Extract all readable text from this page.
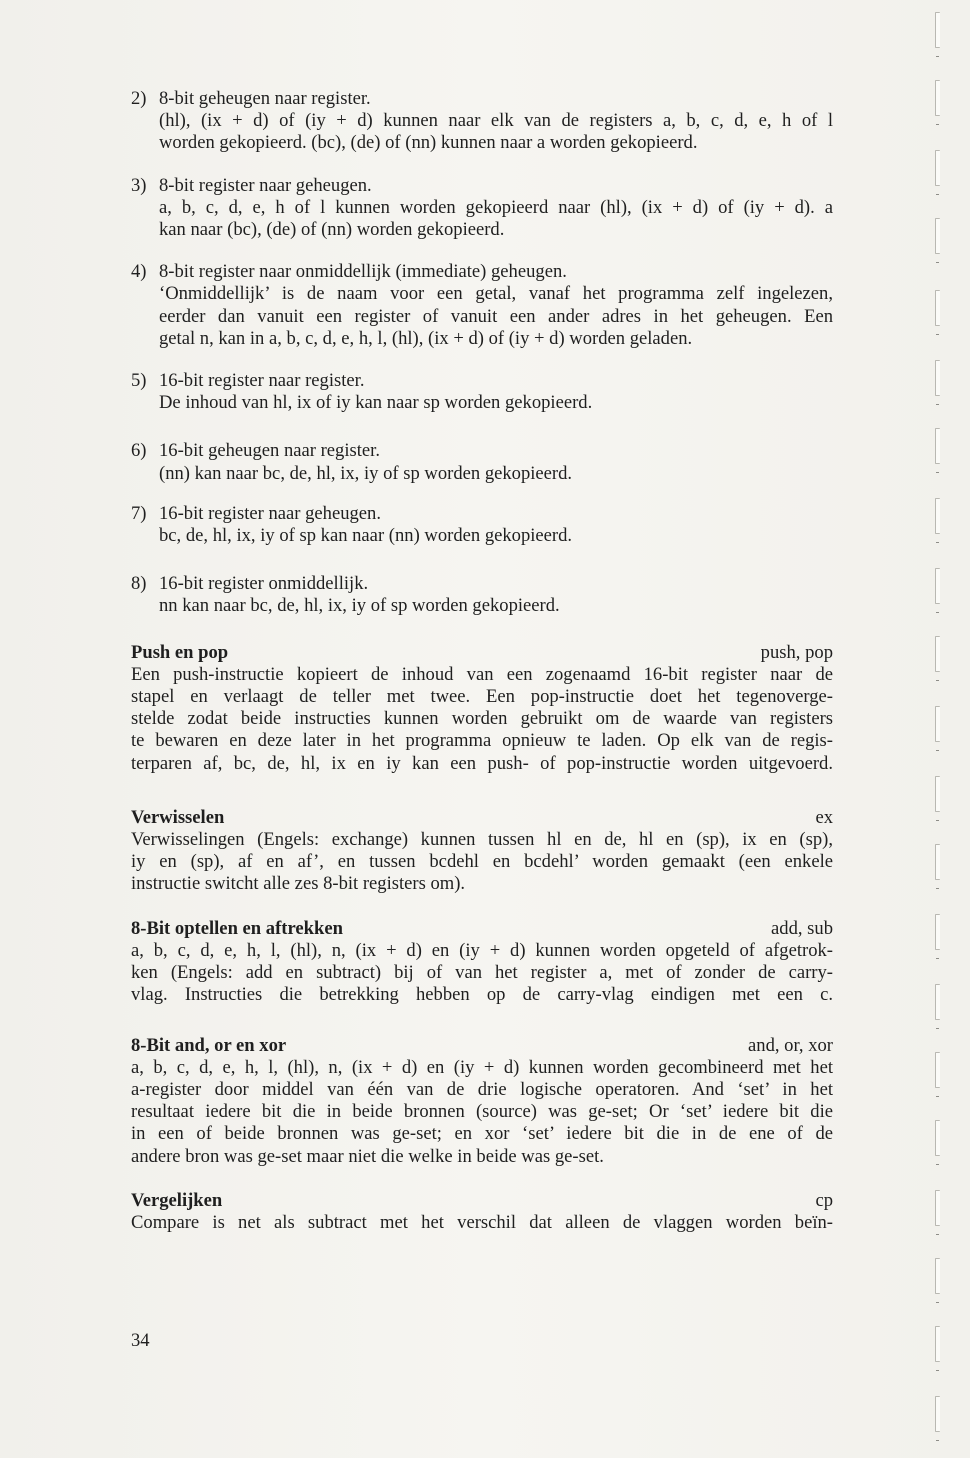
2) 8-bit geheugen naar register.
(hl), (ix + d) of (iy + d) kunnen naar elk van de registers a, b, c, d, e, h of l
worden gekopieerd. (bc), (de) of (nn) kunnen naar a worden gekopieerd.
3) 8-bit register naar geheugen.
a, b, c, d, e, h of l kunnen worden gekopieerd naar (hl), (ix + d) of (iy + d). a
kan naar (bc), (de) of (nn) worden gekopieerd.
4) 8-bit register naar onmiddellijk (immediate) geheugen.
‘Onmiddellijk’ is de naam voor een getal, vanaf het programma zelf ingelezen,
eerder dan vanuit een register of vanuit een ander adres in het geheugen. Een
getal n, kan in a, b, c, d, e, h, l, (hl), (ix + d) of (iy + d) worden geladen.
5) 16-bit register naar register.
De inhoud van hl, ix of iy kan naar sp worden gekopieerd.
6) 16-bit geheugen naar register.
(nn) kan naar bc, de, hl, ix, iy of sp worden gekopieerd.
7) 16-bit register naar geheugen.
bc, de, hl, ix, iy of sp kan naar (nn) worden gekopieerd.
8) 16-bit register onmiddellijk.
nn kan naar bc, de, hl, ix, iy of sp worden gekopieerd.
Push en pop	push, pop
Een push-instructie kopieert de inhoud van een zogenaamd 16-bit register naar de
stapel en verlaagt de teller met twee. Een pop-instructie doet het tegenoverge-
stelde zodat beide instructies kunnen worden gebruikt om de waarde van registers
te bewaren en deze later in het programma opnieuw te laden. Op elk van de regis-
terparen af, bc, de, hl, ix en iy kan een push- of pop-instructie worden uitgevoerd.
Verwisselen	ex
Verwisselingen (Engels: exchange) kunnen tussen hl en de, hl en (sp), ix en (sp),
iy en (sp), af en af’, en tussen bcdehl en bcdehl’ worden gemaakt (een enkele
instructie switcht alle zes 8-bit registers om).
8-Bit optellen en aftrekken	add, sub
a, b, c, d, e, h, l, (hl), n, (ix + d) en (iy + d) kunnen worden opgeteld of afgetrok-
ken (Engels: add en subtract) bij of van het register a, met of zonder de carry-
vlag. Instructies die betrekking hebben op de carry-vlag eindigen met een c.
8-Bit and, or en xor	and, or, xor
a, b, c, d, e, h, l, (hl), n, (ix + d) en (iy + d) kunnen worden gecombineerd met het
a-register door middel van één van de drie logische operatoren. And ‘set’ in het
resultaat iedere bit die in beide bronnen (source) was ge-set; Or ‘set’ iedere bit die
in een of beide bronnen was ge-set; en xor ‘set’ iedere bit die in de ene of de
andere bron was ge-set maar niet die welke in beide was ge-set.
Vergelijken	cp
Compare is net als subtract met het verschil dat alleen de vlaggen worden beïn-
34
